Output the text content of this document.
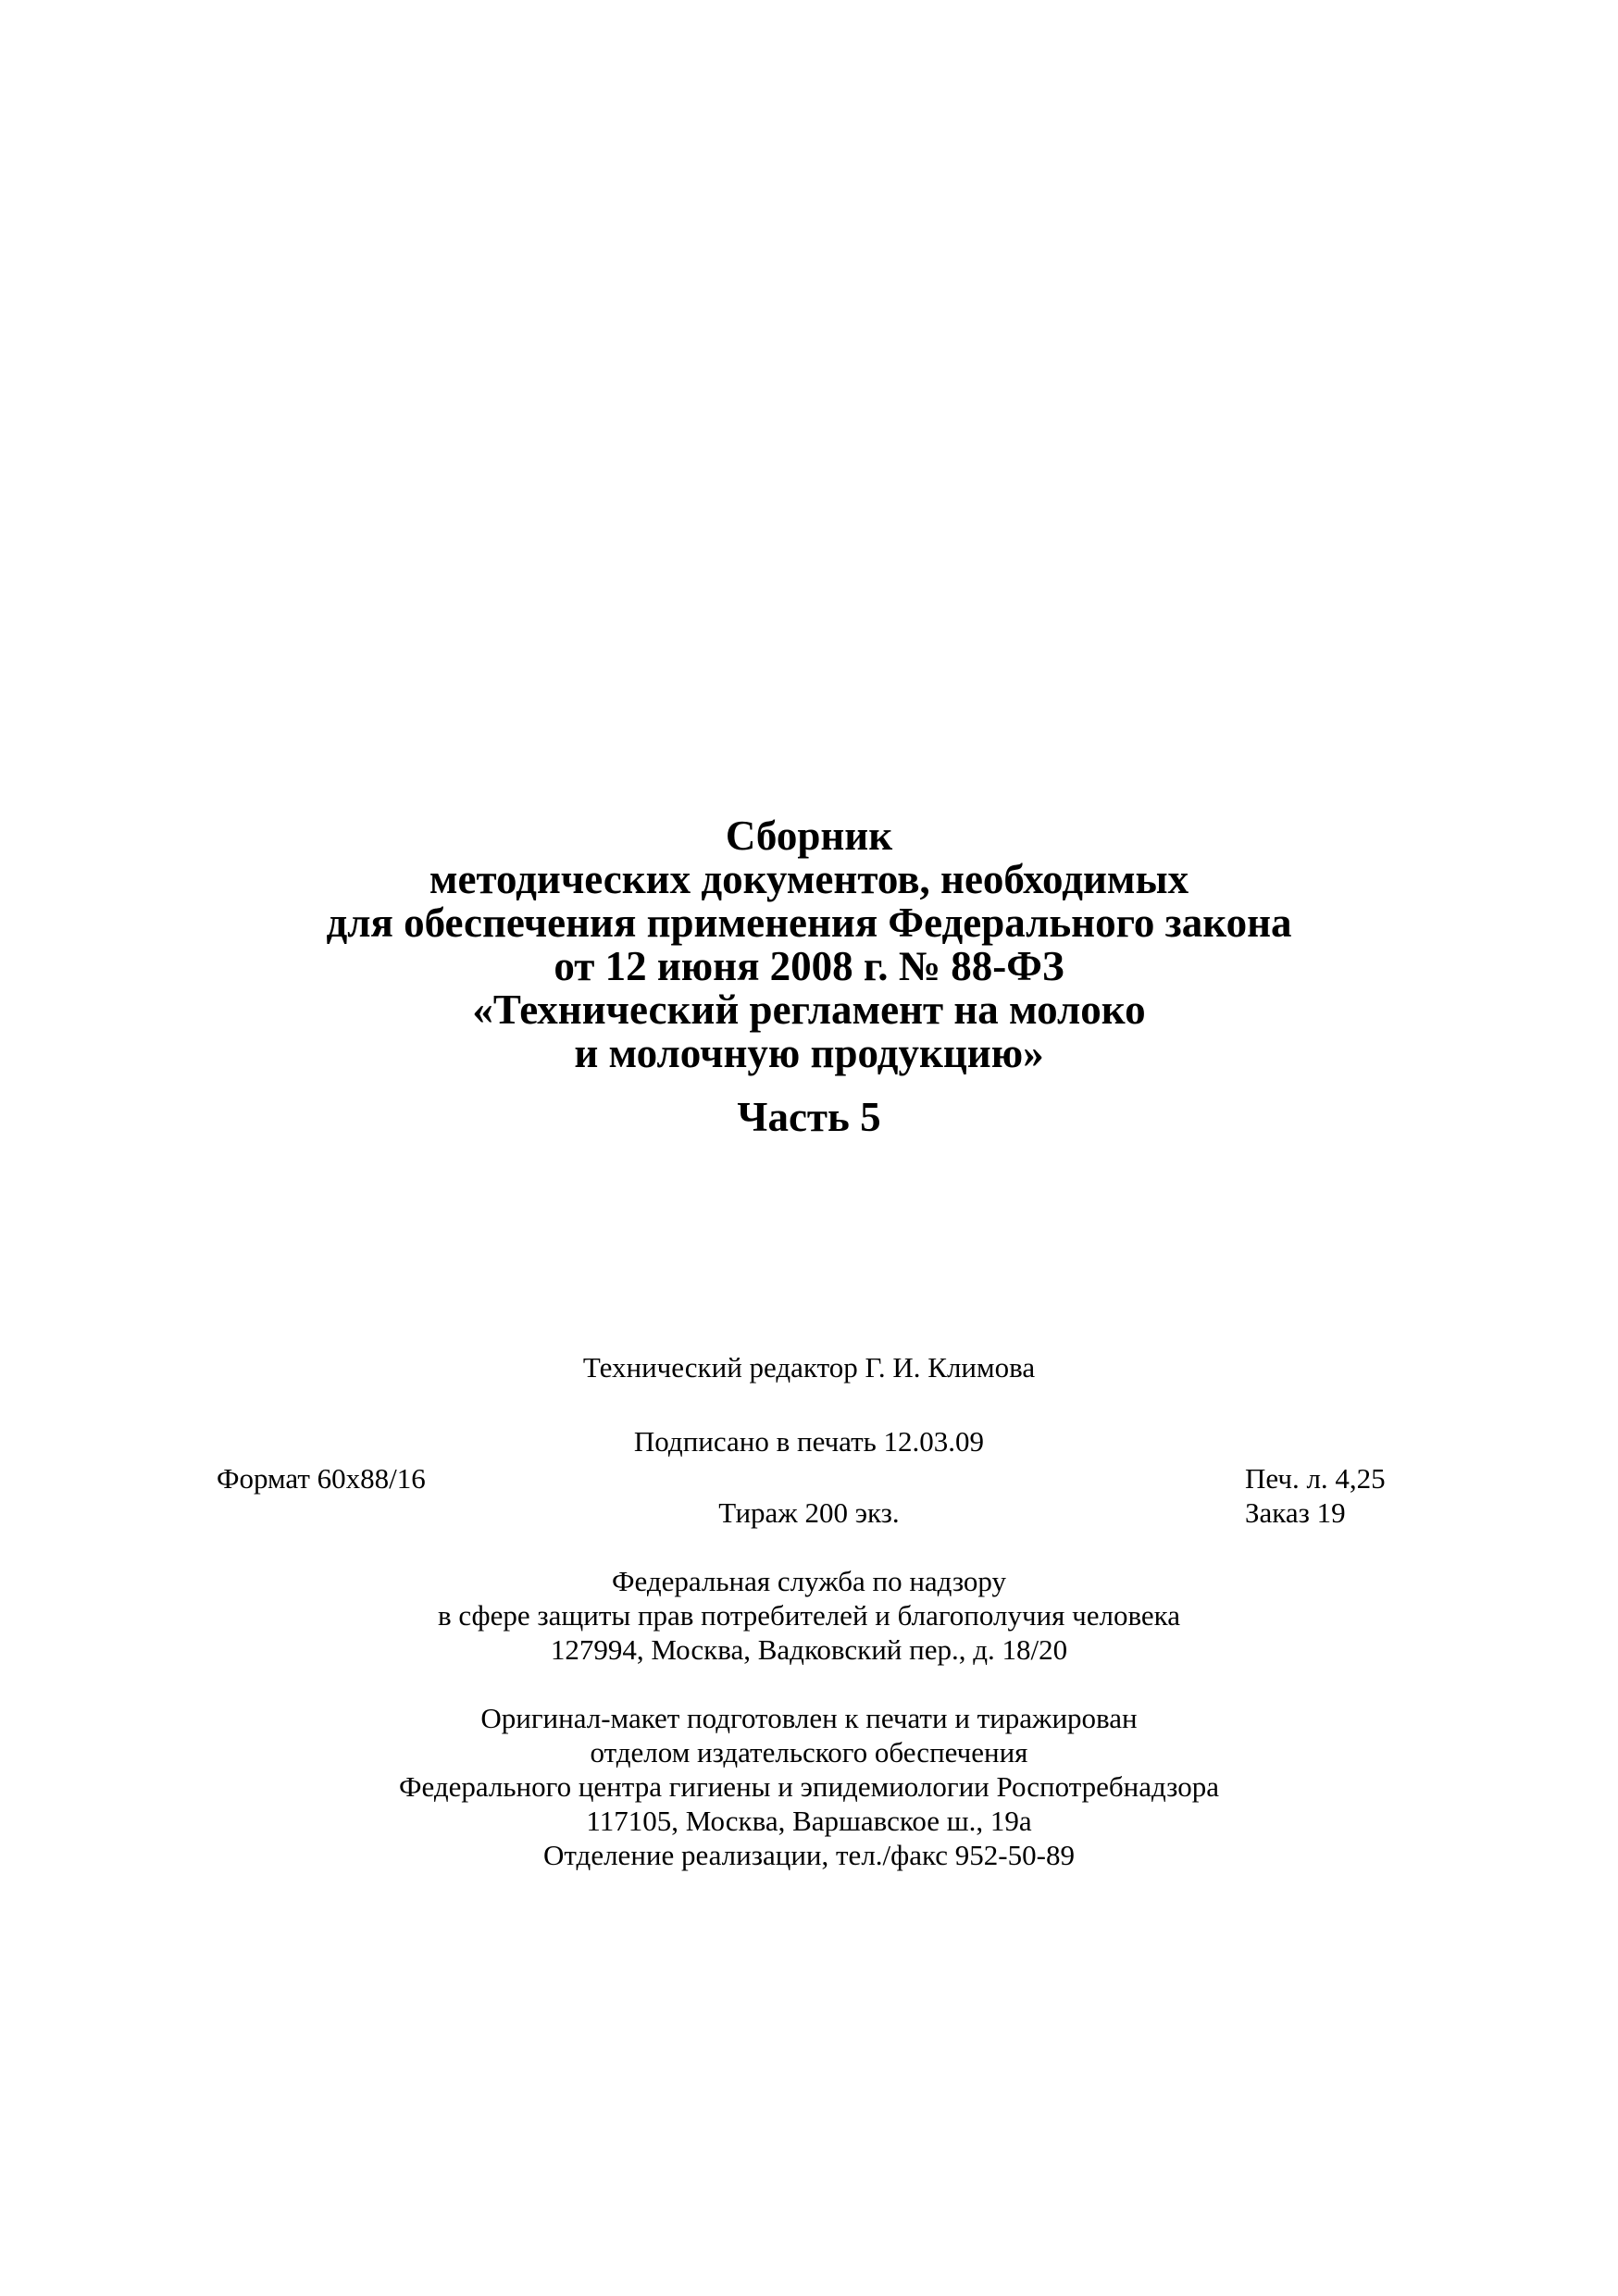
Сборник
методических документов, необходимых
для обеспечения применения Федерального закона
от 12 июня 2008 г. № 88-ФЗ
«Технический регламент на молоко
и молочную продукцию»
Часть 5
Технический редактор Г. И. Климова
Подписано в печать 12.03.09
Формат 60x88/16	Печ. л. 4,25
Тираж 200 экз.	Заказ 19
Федеральная служба по надзору
в сфере защиты прав потребителей и благополучия человека
127994, Москва, Вадковский пер., д. 18/20
Оригинал-макет подготовлен к печати и тиражирован
отделом издательского обеспечения
Федерального центра гигиены и эпидемиологии Роспотребнадзора
117105, Москва, Варшавское ш., 19а
Отделение реализации, тел./факс 952-50-89
